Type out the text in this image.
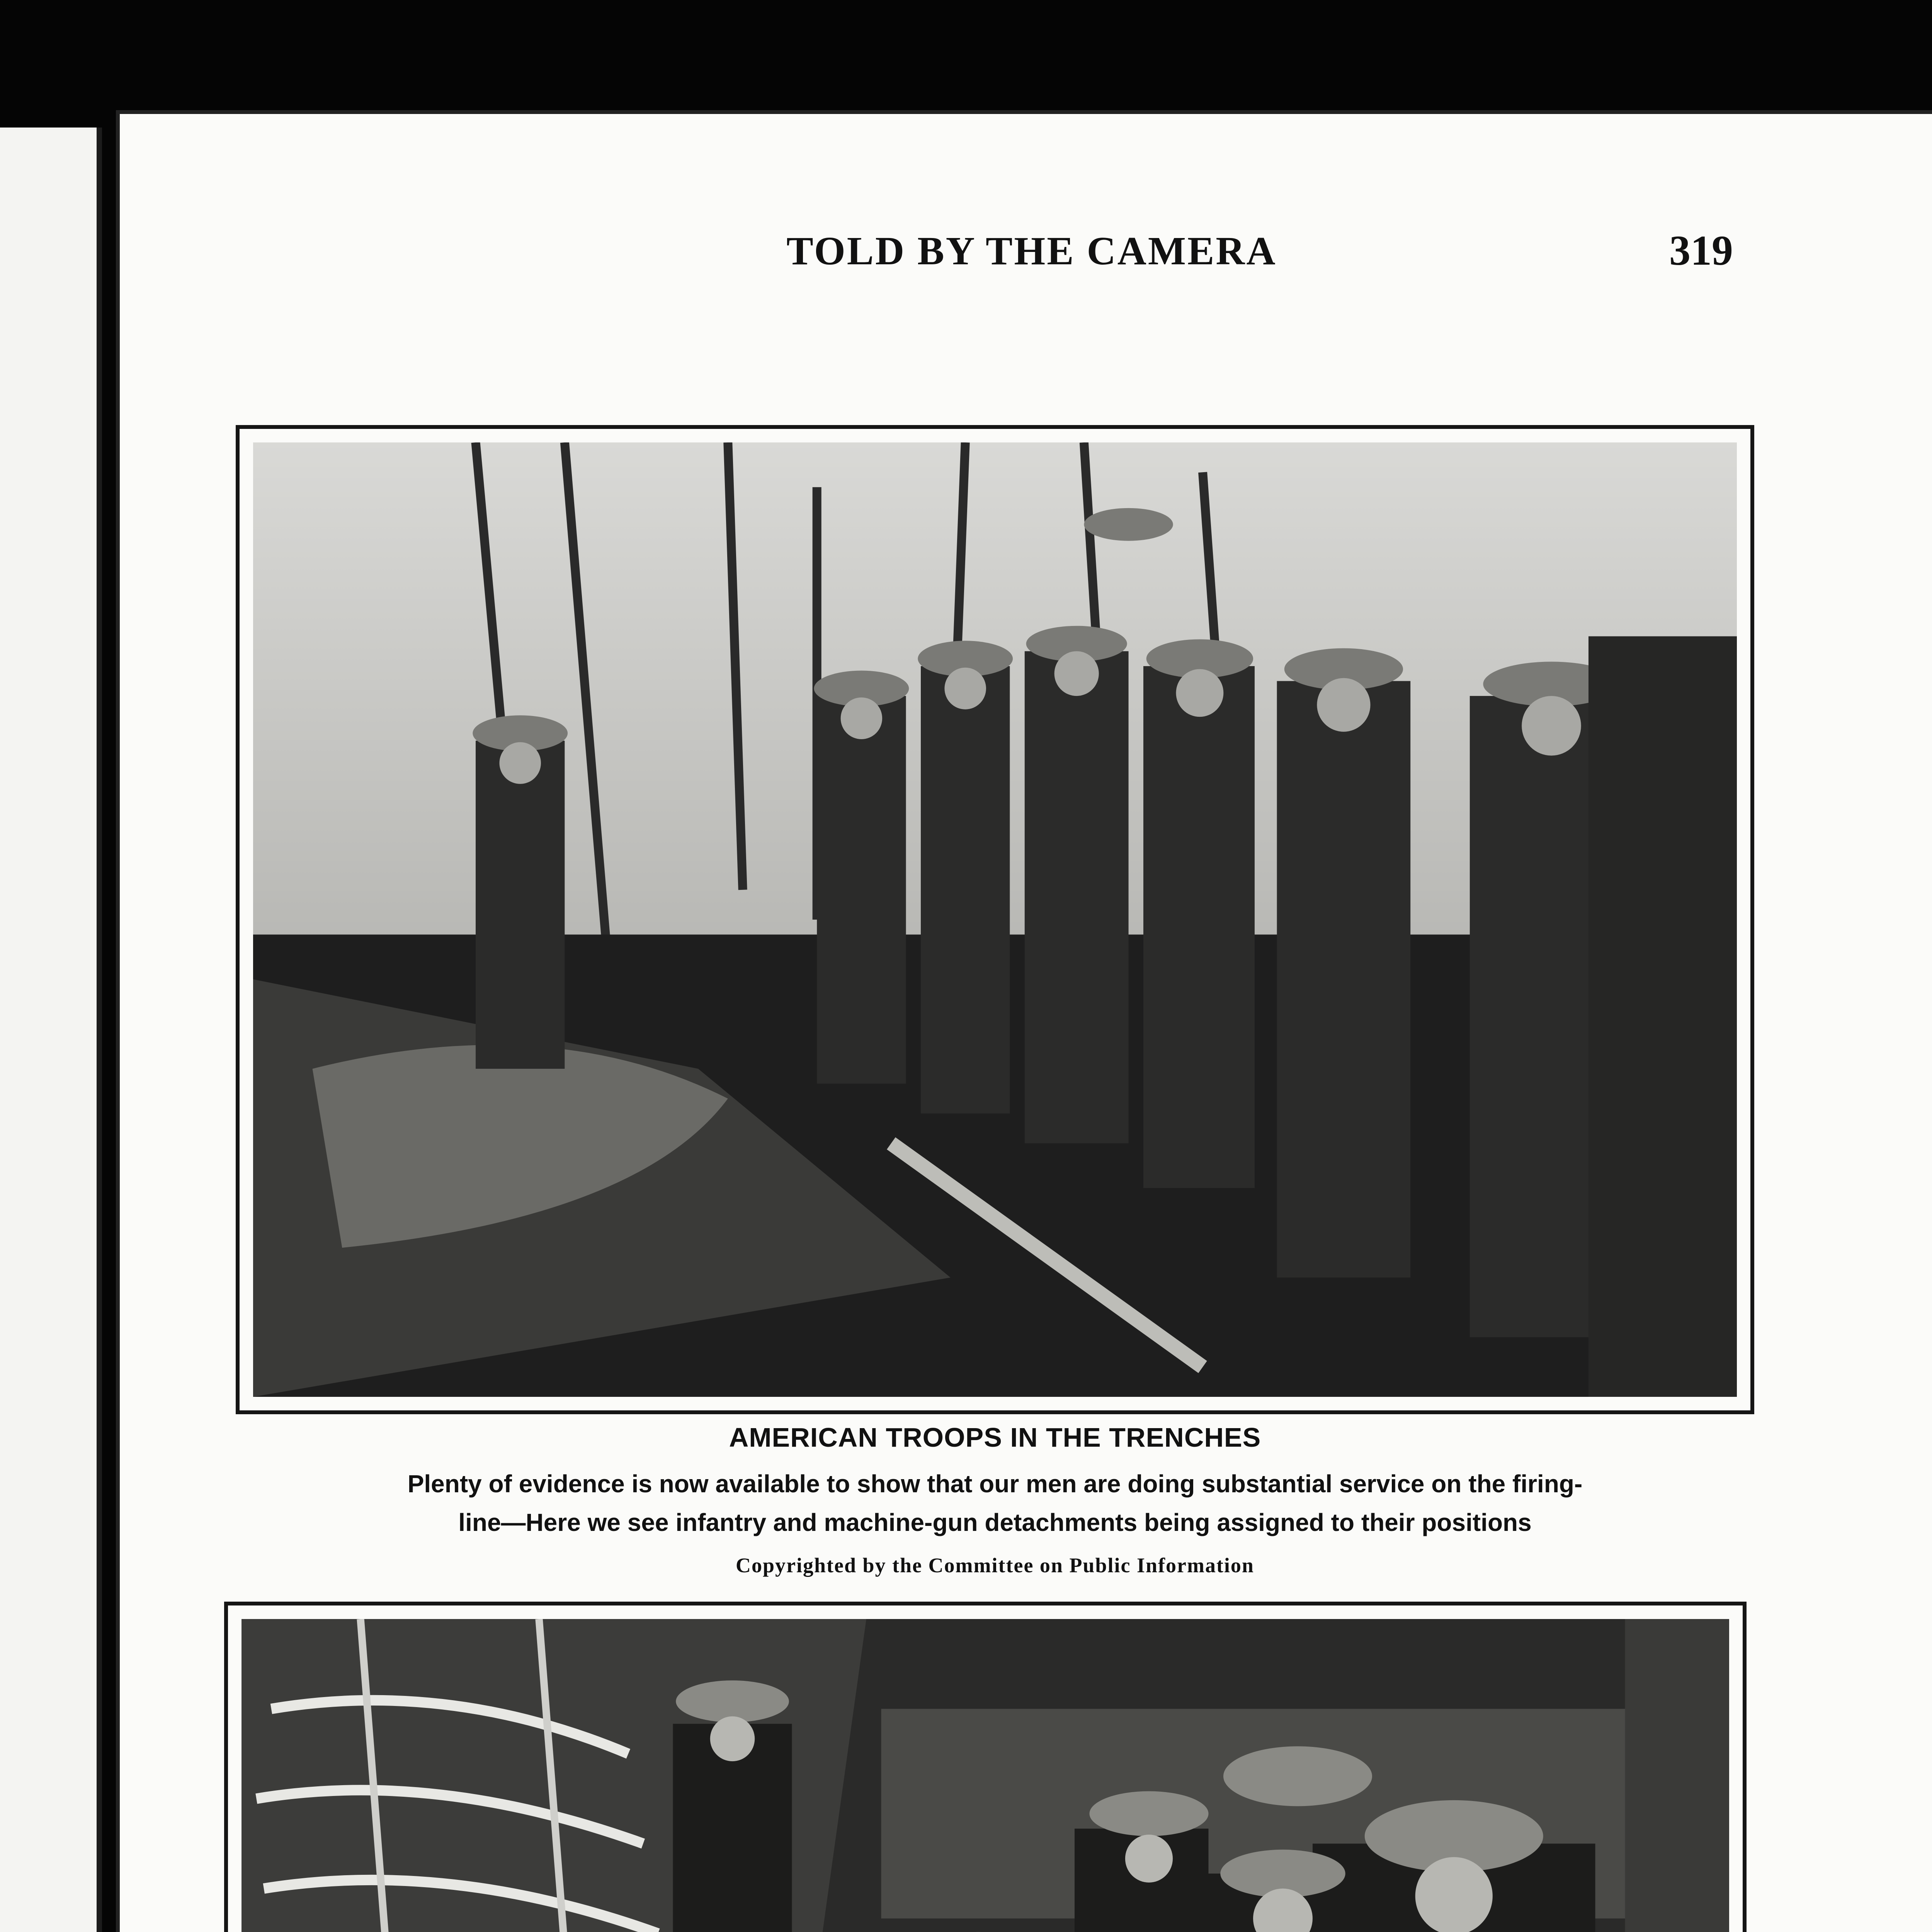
TOLD BY THE CAMERA	319
AMERICAN TROOPS IN THE TRENCHES
Plenty of evidence is now available to show that our men are doing substantial service on the firing-
line—Here we see infantry and machine-gun detachments being assigned to their positions
Copyrighted by the Committee on Public Information
